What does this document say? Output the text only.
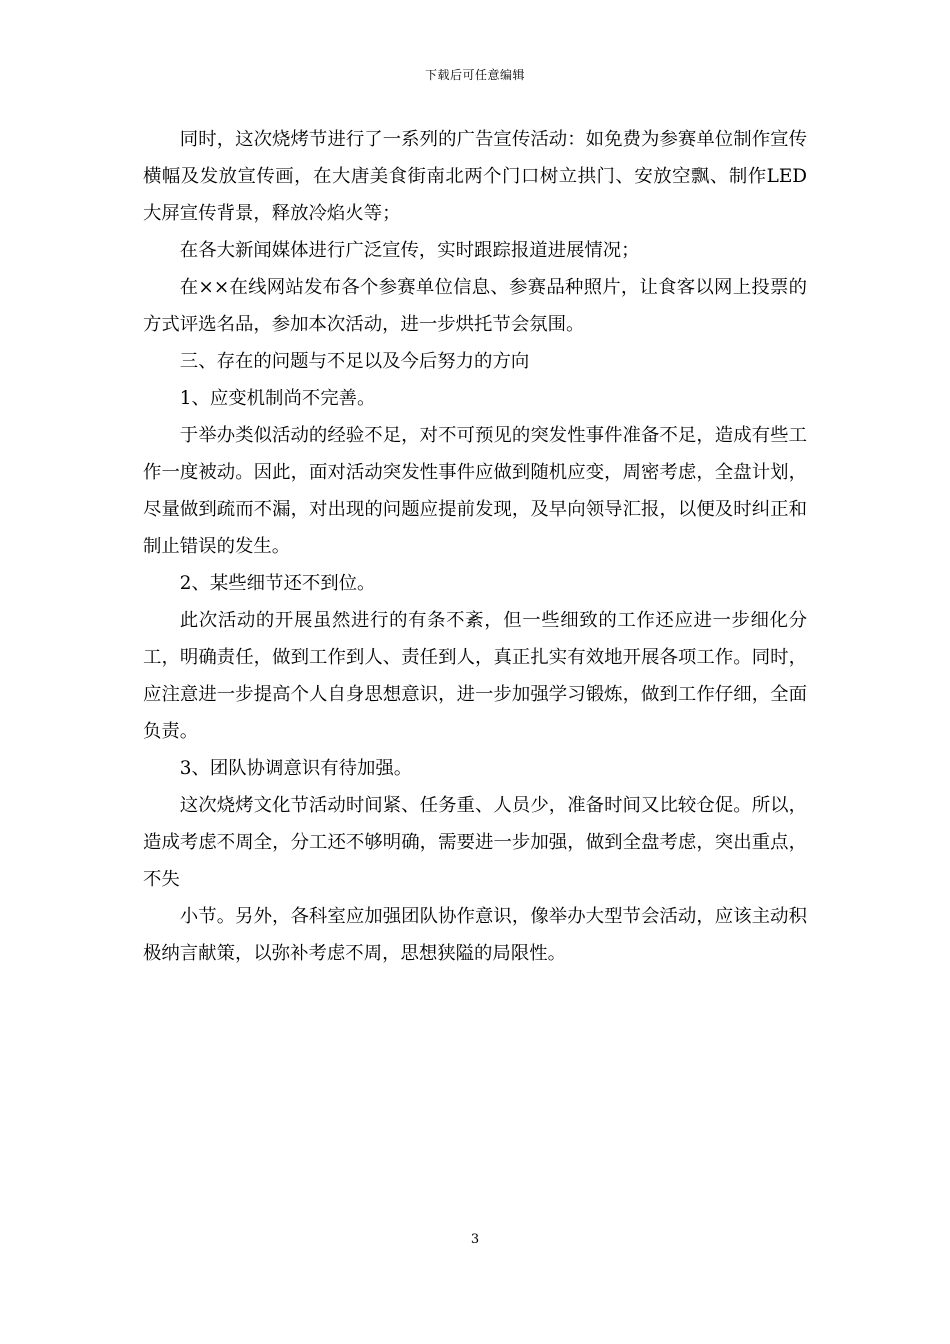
下载后可任意编辑

同时，这次烧烤节进行了一系列的广告宣传活动：如免费为参赛单位制作宣传横幅及发放宣传画，在大唐美食街南北两个门口树立拱门、安放空飘、制作LED大屏宣传背景，释放冷焰火等；

在各大新闻媒体进行广泛宣传，实时跟踪报道进展情况；

在××在线网站发布各个参赛单位信息、参赛品种照片，让食客以网上投票的方式评选名品，参加本次活动，进一步烘托节会氛围。

三、存在的问题与不足以及今后努力的方向

1、应变机制尚不完善。

于举办类似活动的经验不足，对不可预见的突发性事件准备不足，造成有些工作一度被动。因此，面对活动突发性事件应做到随机应变，周密考虑，全盘计划，尽量做到疏而不漏，对出现的问题应提前发现，及早向领导汇报，以便及时纠正和制止错误的发生。

2、某些细节还不到位。

此次活动的开展虽然进行的有条不紊，但一些细致的工作还应进一步细化分工，明确责任，做到工作到人、责任到人，真正扎实有效地开展各项工作。同时，应注意进一步提高个人自身思想意识，进一步加强学习锻炼，做到工作仔细，全面负责。

3、团队协调意识有待加强。

这次烧烤文化节活动时间紧、任务重、人员少，准备时间又比较仓促。所以，造成考虑不周全，分工还不够明确，需要进一步加强，做到全盘考虑，突出重点，不失

小节。另外，各科室应加强团队协作意识，像举办大型节会活动，应该主动积极纳言献策，以弥补考虑不周，思想狭隘的局限性。

3
